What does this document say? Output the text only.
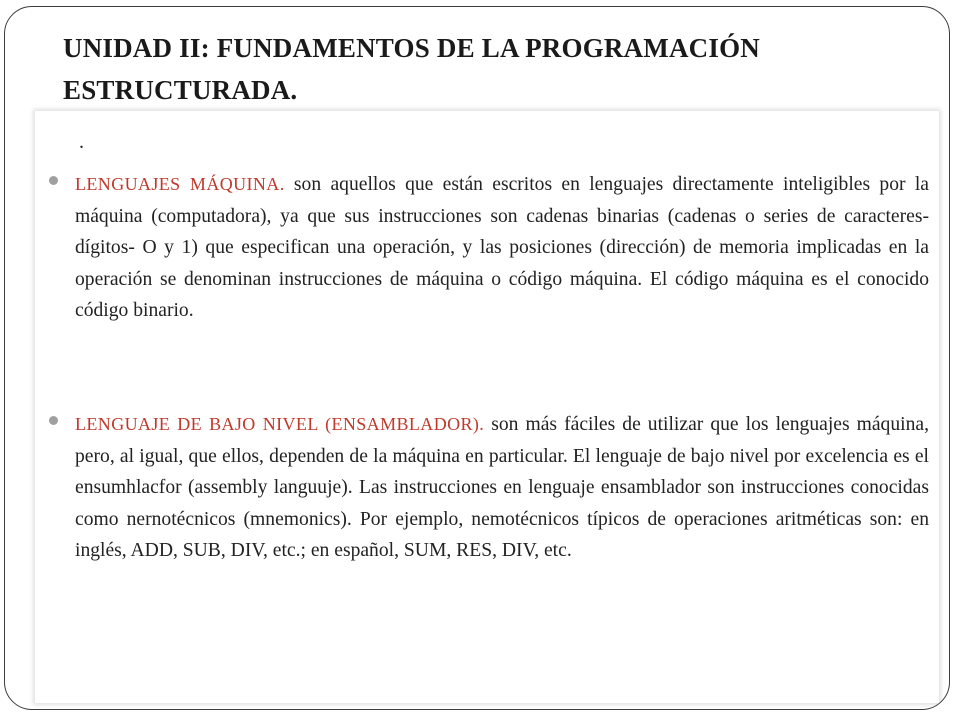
UNIDAD II: FUNDAMENTOS DE LA PROGRAMACIÓN ESTRUCTURADA.
.

LENGUAJES MÁQUINA. son aquellos que están escritos en lenguajes directamente inteligibles por la máquina (computadora), ya que sus instrucciones son cadenas binarias (cadenas o series de caracteres-dígitos- O y 1) que especifican una operación, y las posiciones (dirección) de memoria implicadas en la operación se denominan instrucciones de máquina o código máquina. El código máquina es el conocido código binario.

LENGUAJE DE BAJO NIVEL (ENSAMBLADOR). son más fáciles de utilizar que los lenguajes máquina, pero, al igual, que ellos, dependen de la máquina en particular. El lenguaje de bajo nivel por excelencia es el ensumhlacfor (assembly languuje). Las instrucciones en lenguaje ensamblador son instrucciones conocidas como nernotécnicos (mnemonics). Por ejemplo, nemotécnicos típicos de operaciones aritméticas son: en inglés, ADD, SUB, DIV, etc.; en español, SUM, RES, DIV, etc.
